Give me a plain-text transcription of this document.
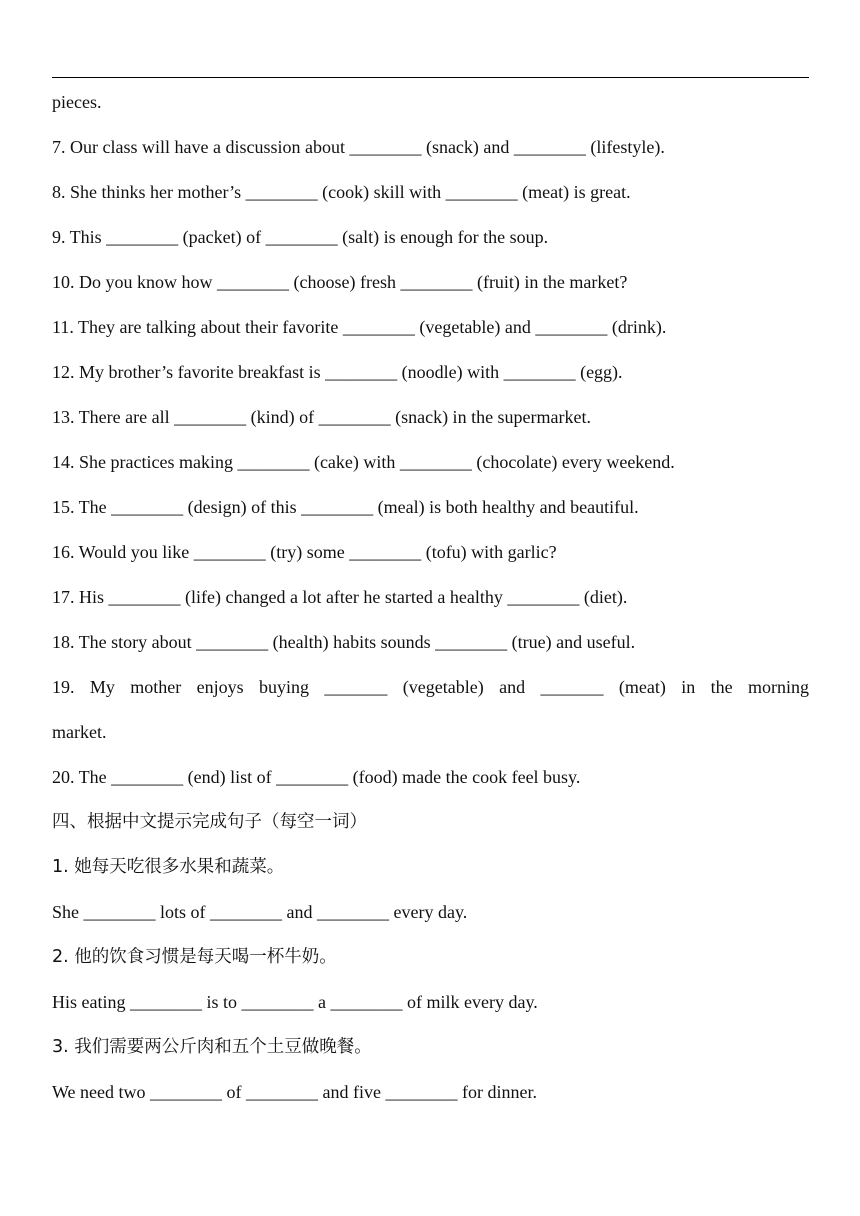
pieces.
7. Our class will have a discussion about ________ (snack) and ________ (lifestyle).
8. She thinks her mother’s ________ (cook) skill with ________ (meat) is great.
9. This ________ (packet) of ________ (salt) is enough for the soup.
10. Do you know how ________ (choose) fresh ________ (fruit) in the market?
11. They are talking about their favorite ________ (vegetable) and ________ (drink).
12. My brother’s favorite breakfast is ________ (noodle) with ________ (egg).
13. There are all ________ (kind) of ________ (snack) in the supermarket.
14. She practices making ________ (cake) with ________ (chocolate) every weekend.
15. The ________ (design) of this ________ (meal) is both healthy and beautiful.
16. Would you like ________ (try) some ________ (tofu) with garlic?
17. His ________ (life) changed a lot after he started a healthy ________ (diet).
18. The story about ________ (health) habits sounds ________ (true) and useful.
19. My mother enjoys buying _______ (vegetable) and _______ (meat) in the morning
market.
20. The ________ (end) list of ________ (food) made the cook feel busy.
四、根据中文提示完成句子（每空一词）
1. 她每天吃很多水果和蔬菜。
She ________ lots of ________ and ________ every day.
2. 他的饮食习惯是每天喝一杯牛奶。
His eating ________ is to ________ a ________ of milk every day.
3. 我们需要两公斤肉和五个土豆做晚餐。
We need two ________ of ________ and five ________ for dinner.
